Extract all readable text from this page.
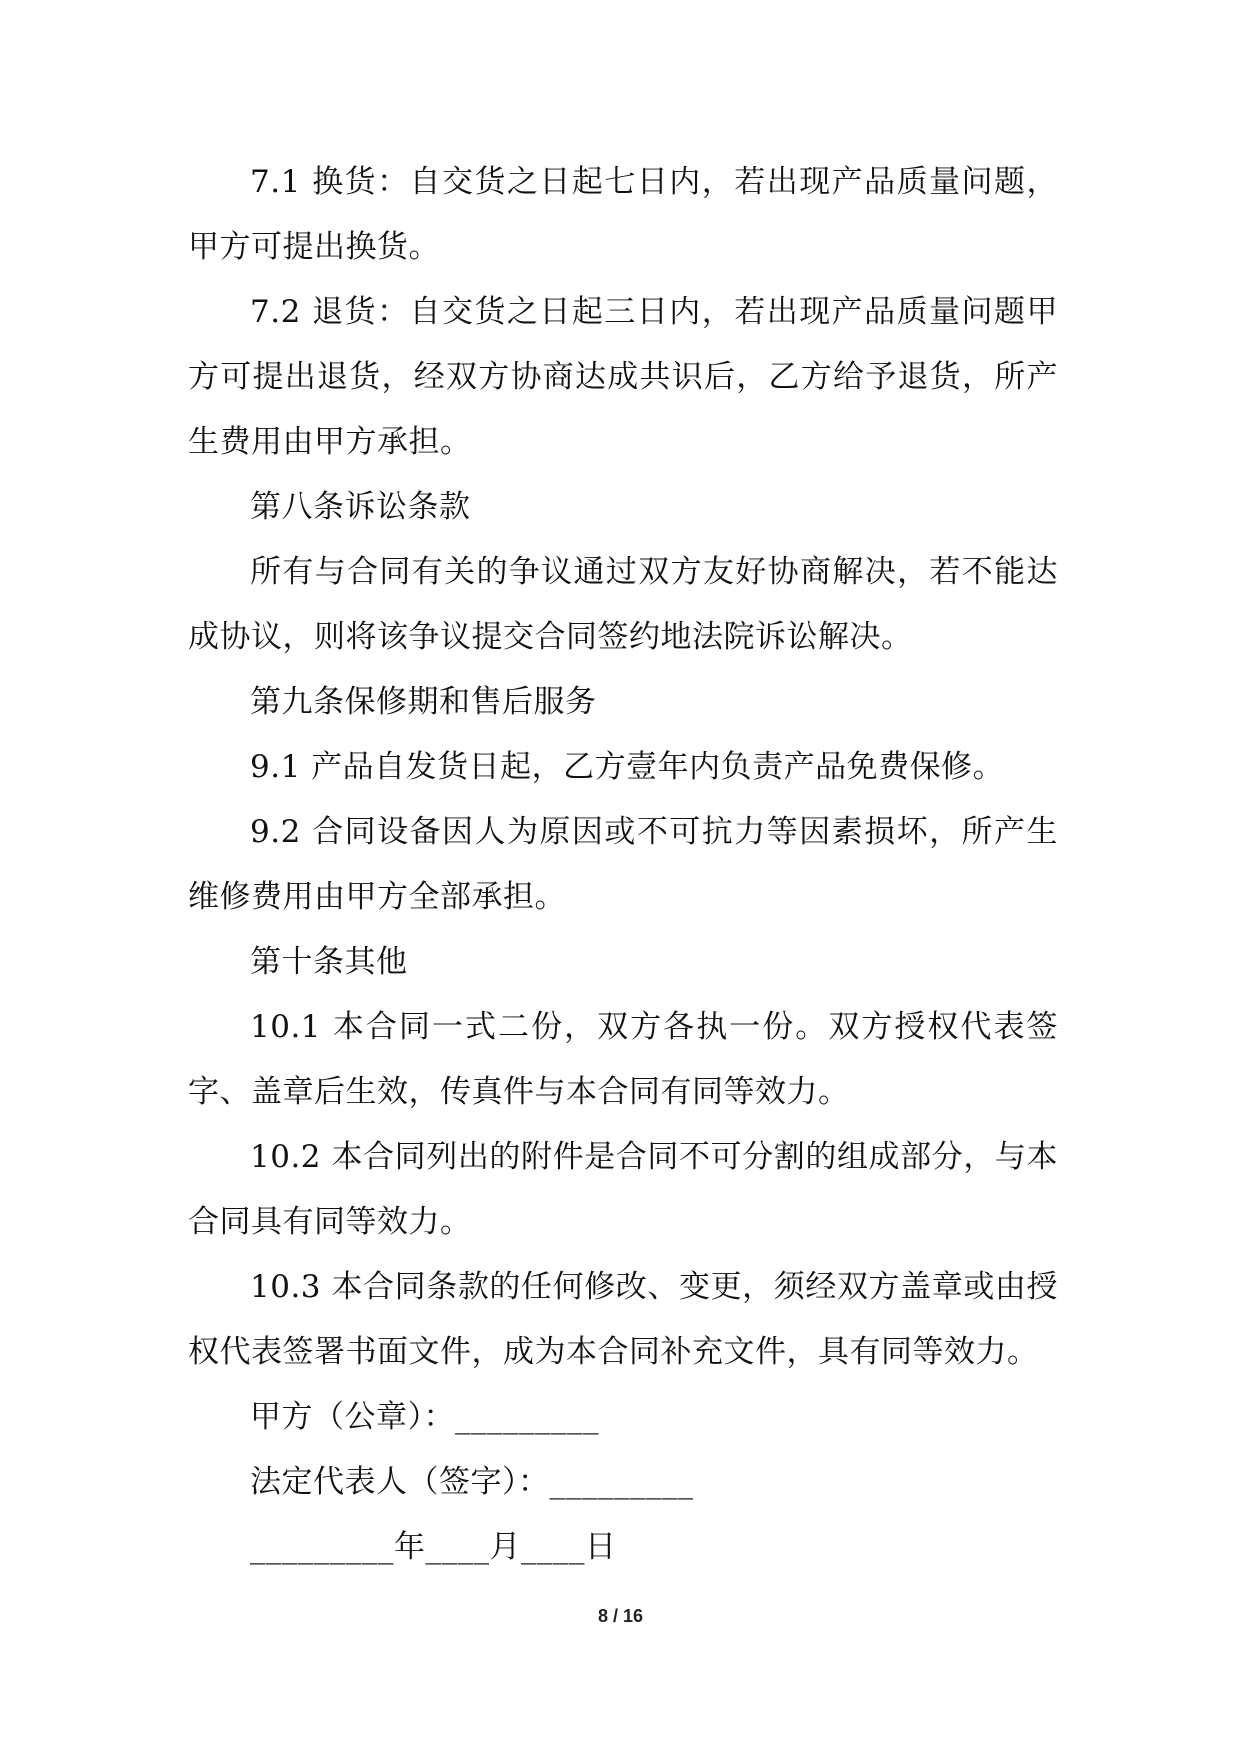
7.1 换货：自交货之日起七日内，若出现产品质量问题，甲方可提出换货。

7.2 退货：自交货之日起三日内，若出现产品质量问题甲方可提出退货，经双方协商达成共识后，乙方给予退货，所产生费用由甲方承担。

第八条诉讼条款

所有与合同有关的争议通过双方友好协商解决，若不能达成协议，则将该争议提交合同签约地法院诉讼解决。

第九条保修期和售后服务

9.1 产品自发货日起，乙方壹年内负责产品免费保修。

9.2 合同设备因人为原因或不可抗力等因素损坏，所产生维修费用由甲方全部承担。

第十条其他

10.1 本合同一式二份，双方各执一份。双方授权代表签字、盖章后生效，传真件与本合同有同等效力。

10.2 本合同列出的附件是合同不可分割的组成部分，与本合同具有同等效力。

10.3 本合同条款的任何修改、变更，须经双方盖章或由授权代表签署书面文件，成为本合同补充文件，具有同等效力。

甲方（公章）：_________

法定代表人（签字）：_________

_________年____月____日

8 / 16
